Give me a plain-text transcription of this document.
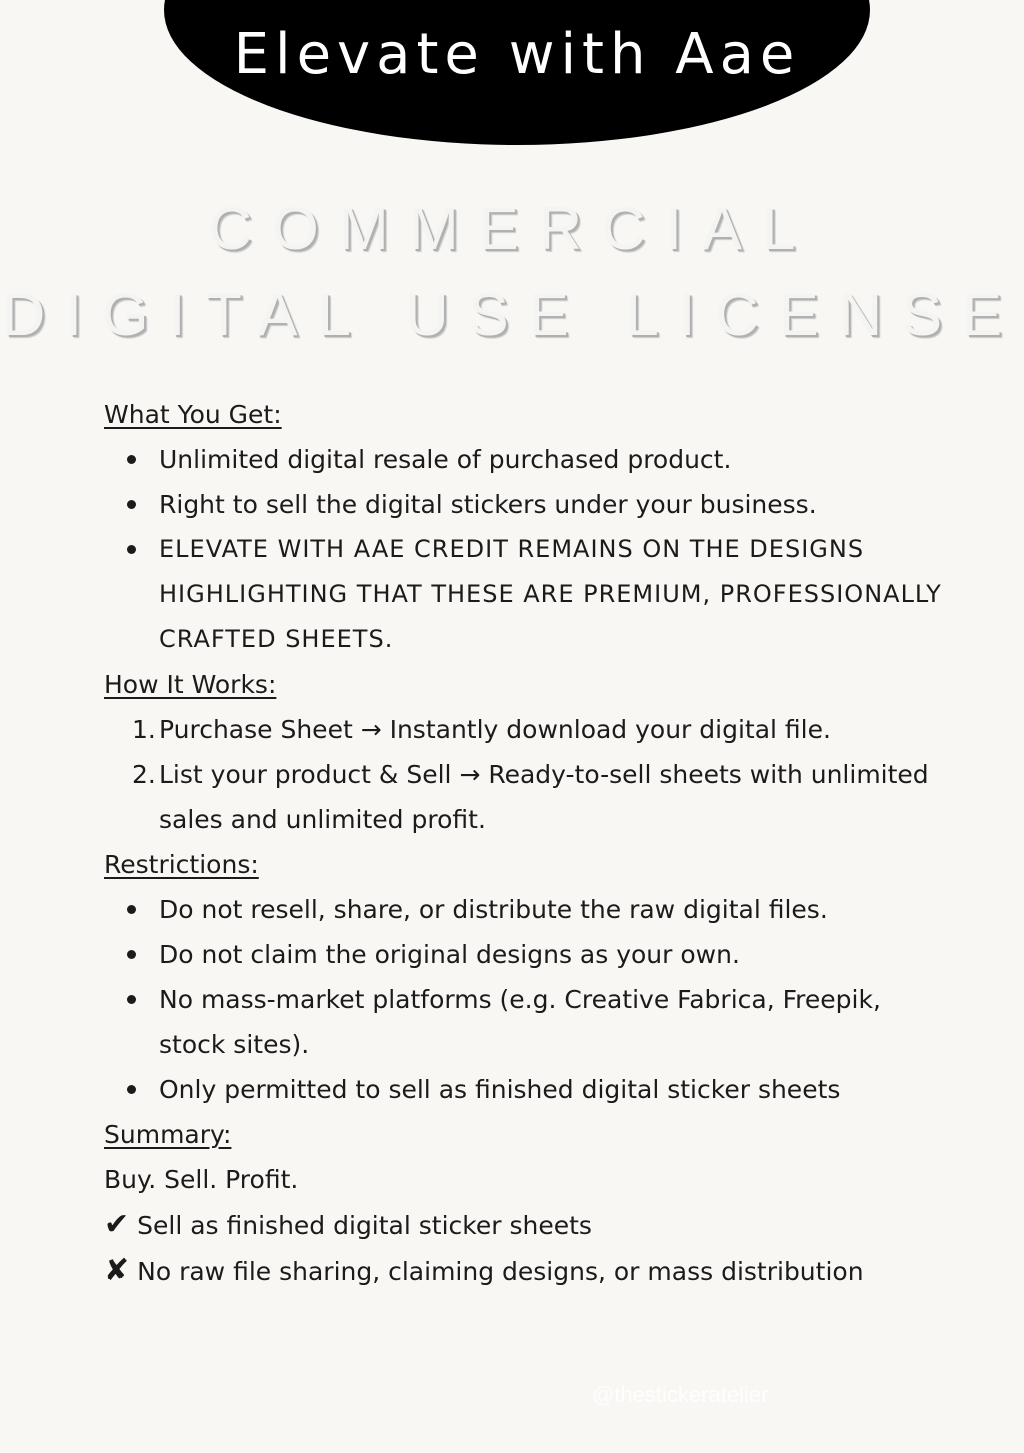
Elevate with Aae
COMMERCIAL
DIGITAL USE LICENSE
What You Get:
Unlimited digital resale of purchased product.
Right to sell the digital stickers under your business.
ELEVATE WITH AAE CREDIT REMAINS ON THE DESIGNS HIGHLIGHTING THAT THESE ARE PREMIUM, PROFESSIONALLY CRAFTED SHEETS.
How It Works:
1. Purchase Sheet → Instantly download your digital file.
2. List your product & Sell → Ready-to-sell sheets with unlimited sales and unlimited profit.
Restrictions:
Do not resell, share, or distribute the raw digital files.
Do not claim the original designs as your own.
No mass-market platforms (e.g. Creative Fabrica, Freepik, stock sites).
Only permitted to sell as finished digital sticker sheets
Summary:
Buy. Sell. Profit.
✔ Sell as finished digital sticker sheets
✘ No raw file sharing, claiming designs, or mass distribution
@thestickeratelier
